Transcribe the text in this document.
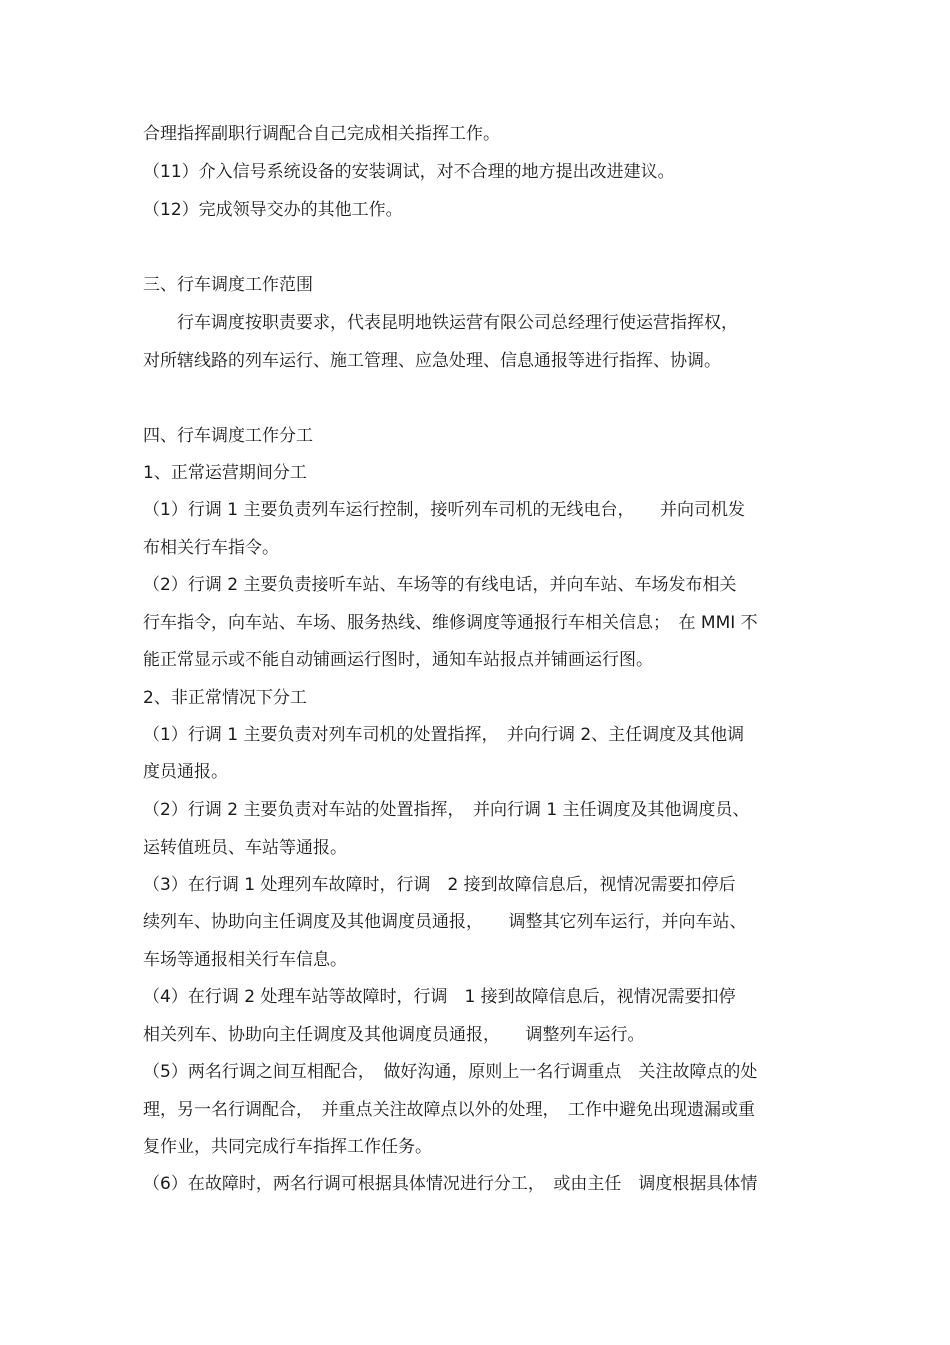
合理指挥副职行调配合自己完成相关指挥工作。
（11）介入信号系统设备的安装调试，对不合理的地方提出改进建议。
（12）完成领导交办的其他工作。
三、行车调度工作范围
　　行车调度按职责要求，代表昆明地铁运营有限公司总经理行使运营指挥权，
对所辖线路的列车运行、施工管理、应急处理、信息通报等进行指挥、协调。
四、行车调度工作分工
1、正常运营期间分工
（1）行调 1 主要负责列车运行控制，接听列车司机的无线电台，　　并向司机发
布相关行车指令。
（2）行调 2 主要负责接听车站、车场等的有线电话，并向车站、车场发布相关
行车指令，向车站、车场、服务热线、维修调度等通报行车相关信息；　在 MMI 不
能正常显示或不能自动铺画运行图时，通知车站报点并铺画运行图。
2、非正常情况下分工
（1）行调 1 主要负责对列车司机的处置指挥，　并向行调 2、主任调度及其他调
度员通报。
（2）行调 2 主要负责对车站的处置指挥，　并向行调 1 主任调度及其他调度员、
运转值班员、车站等通报。
（3）在行调 1 处理列车故障时，行调　2 接到故障信息后，视情况需要扣停后
续列车、协助向主任调度及其他调度员通报，　　调整其它列车运行，并向车站、
车场等通报相关行车信息。
（4）在行调 2 处理车站等故障时，行调　1 接到故障信息后，视情况需要扣停
相关列车、协助向主任调度及其他调度员通报，　　调整列车运行。
（5）两名行调之间互相配合，　做好沟通，原则上一名行调重点　关注故障点的处
理，另一名行调配合，　并重点关注故障点以外的处理，　工作中避免出现遗漏或重
复作业，共同完成行车指挥工作任务。
（6）在故障时，两名行调可根据具体情况进行分工，　或由主任　调度根据具体情
